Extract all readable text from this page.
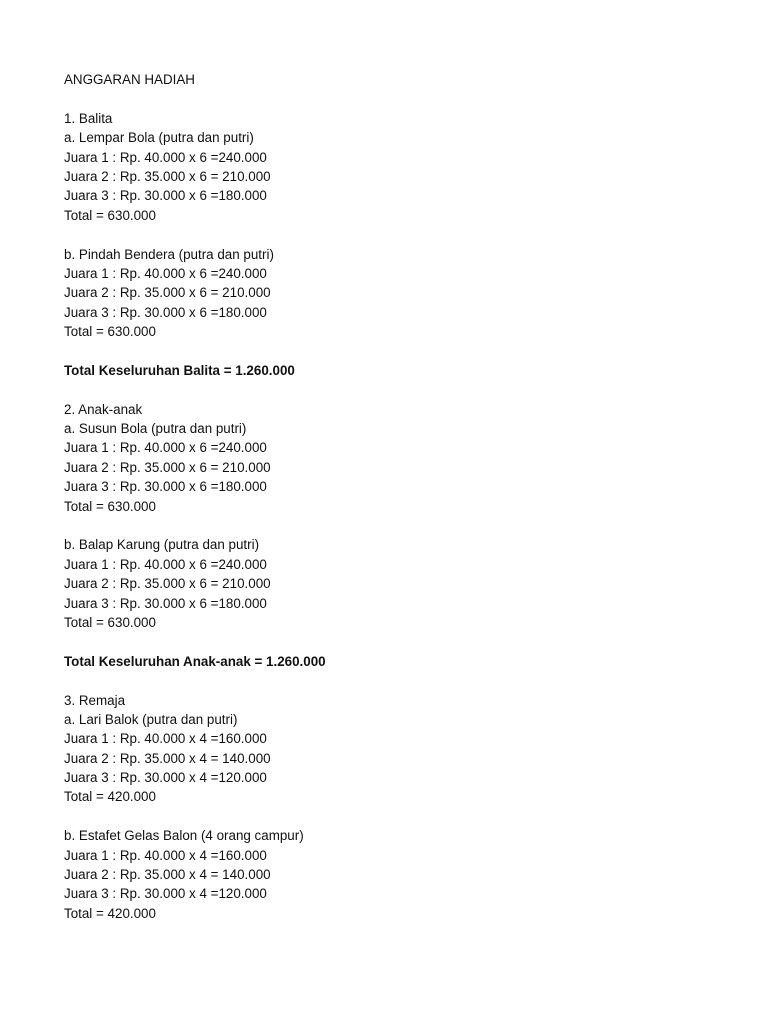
ANGGARAN HADIAH
1. Balita
a. Lempar Bola (putra dan putri)
Juara 1 : Rp. 40.000 x 6 =240.000
Juara 2 : Rp. 35.000 x 6 = 210.000
Juara 3 : Rp. 30.000 x 6 =180.000
Total = 630.000
b. Pindah Bendera (putra dan putri)
Juara 1 : Rp. 40.000 x 6 =240.000
Juara 2 : Rp. 35.000 x 6 = 210.000
Juara 3 : Rp. 30.000 x 6 =180.000
Total = 630.000
Total Keseluruhan Balita = 1.260.000
2. Anak-anak
a. Susun Bola (putra dan putri)
Juara 1 : Rp. 40.000 x 6 =240.000
Juara 2 : Rp. 35.000 x 6 = 210.000
Juara 3 : Rp. 30.000 x 6 =180.000
Total = 630.000
b. Balap Karung (putra dan putri)
Juara 1 : Rp. 40.000 x 6 =240.000
Juara 2 : Rp. 35.000 x 6 = 210.000
Juara 3 : Rp. 30.000 x 6 =180.000
Total = 630.000
Total Keseluruhan Anak-anak = 1.260.000
3. Remaja
a. Lari Balok (putra dan putri)
Juara 1 : Rp. 40.000 x 4 =160.000
Juara 2 : Rp. 35.000 x 4 = 140.000
Juara 3 : Rp. 30.000 x 4 =120.000
Total = 420.000
b. Estafet Gelas Balon (4 orang campur)
Juara 1 : Rp. 40.000 x 4 =160.000
Juara 2 : Rp. 35.000 x 4 = 140.000
Juara 3 : Rp. 30.000 x 4 =120.000
Total = 420.000
